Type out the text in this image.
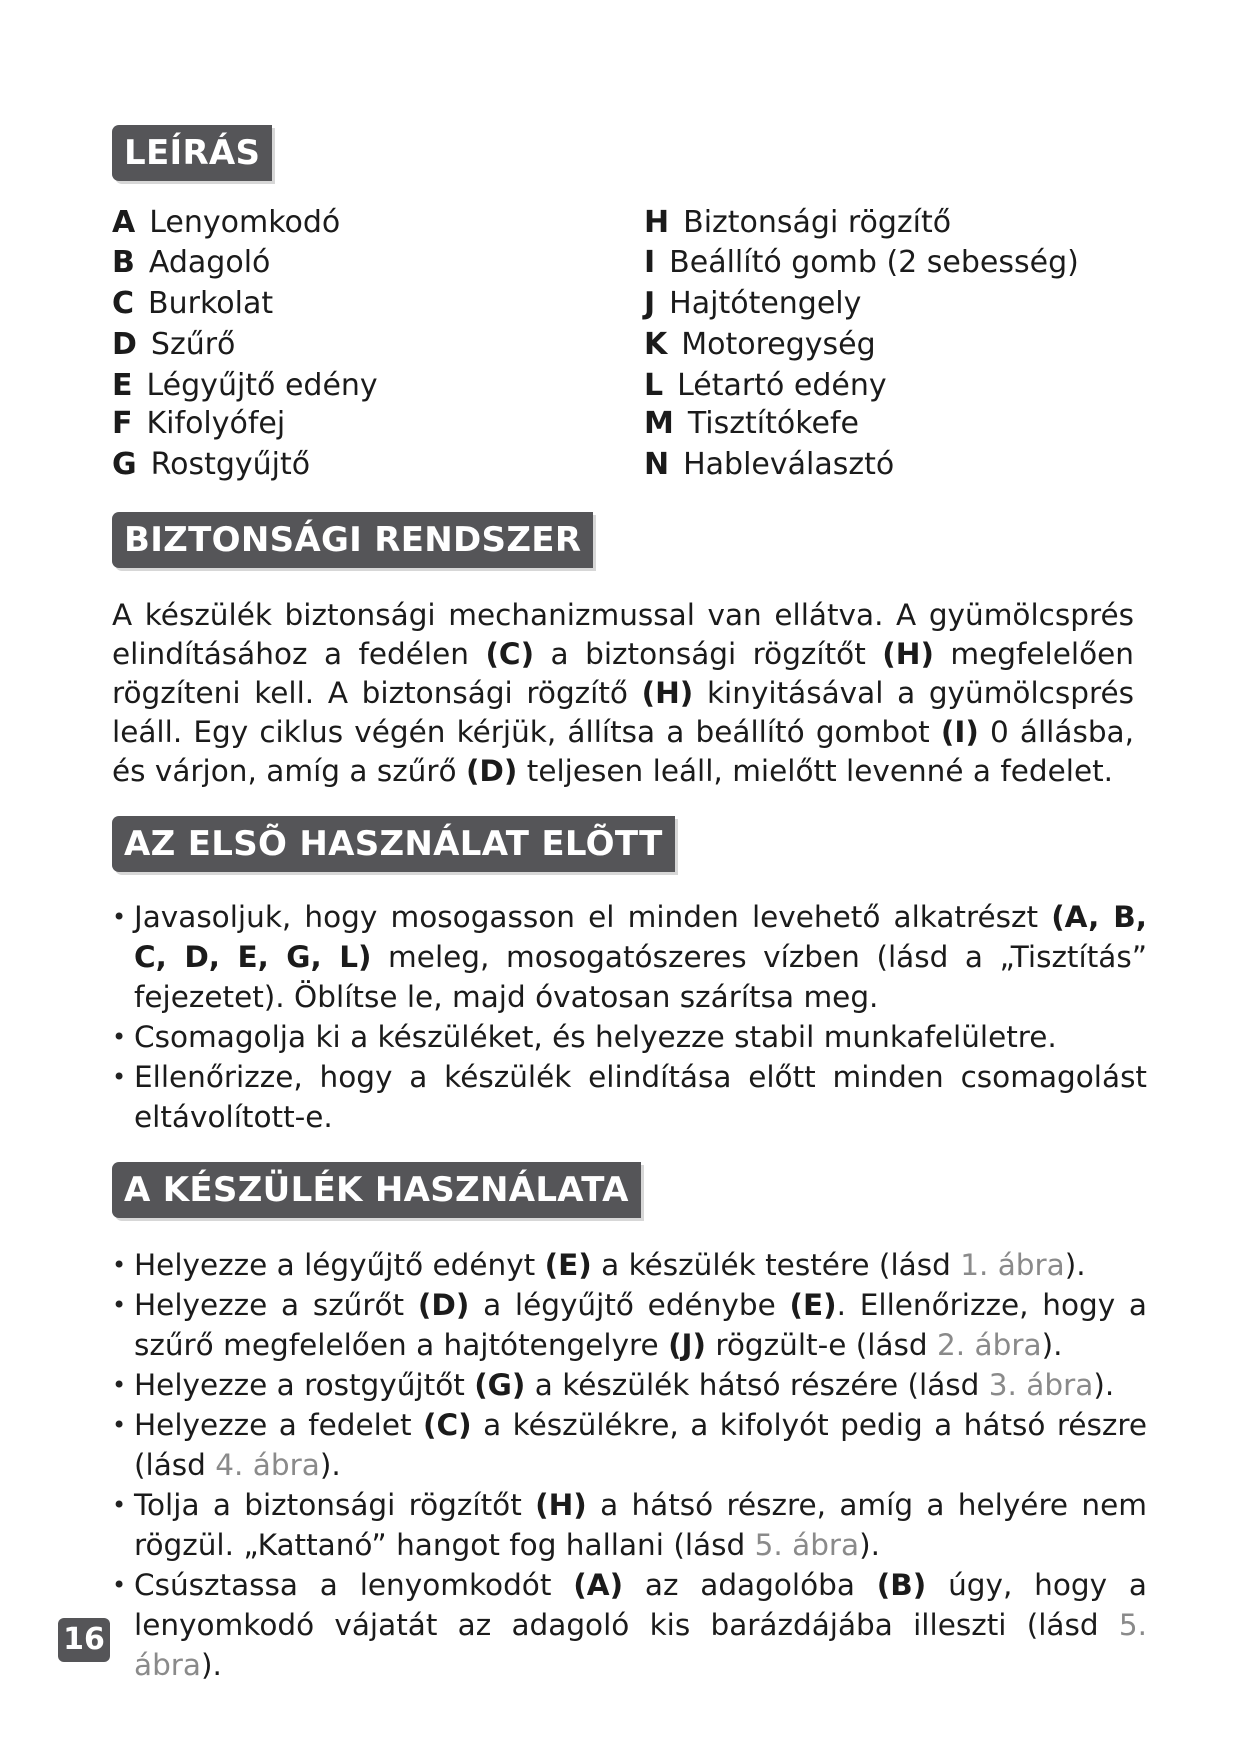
LEÍRÁS
A Lenyomkodó
B Adagoló
C Burkolat
D Szűrő
E Légyűjtő edény
F Kifolyófej
G Rostgyűjtő
H Biztonsági rögzítő
I Beállító gomb (2 sebesség)
J Hajtótengely
K Motoregység
L Létartó edény
M Tisztítókefe
N Hableválasztó
BIZTONSÁGI RENDSZER

A készülék biztonsági mechanizmussal van ellátva. A gyümölcsprés elindításához a fedélen (C) a biztonsági rögzítőt (H) megfelelően rögzíteni kell. A biztonsági rögzítő (H) kinyitásával a gyümölcsprés leáll. Egy ciklus végén kérjük, állítsa a beállító gombot (I) 0 állásba, és várjon, amíg a szűrő (D) teljesen leáll, mielőtt levenné a fedelet.

AZ ELSÕ HASZNÁLAT ELÕTT
• Javasoljuk, hogy mosogasson el minden levehető alkatrészt (A, B, C, D, E, G, L) meleg, mosogatószeres vízben (lásd a „Tisztítás” fejezetet). Öblítse le, majd óvatosan szárítsa meg.
• Csomagolja ki a készüléket, és helyezze stabil munkafelületre.
• Ellenőrizze, hogy a készülék elindítása előtt minden csomagolást eltávolított-e.
A KÉSZÜLÉK HASZNÁLATA
• Helyezze a légyűjtő edényt (E) a készülék testére (lásd 1. ábra).
• Helyezze a szűrőt (D) a légyűjtő edénybe (E). Ellenőrizze, hogy a szűrő megfelelően a hajtótengelyre (J) rögzült-e (lásd 2. ábra).
• Helyezze a rostgyűjtőt (G) a készülék hátsó részére (lásd 3. ábra).
• Helyezze a fedelet (C) a készülékre, a kifolyót pedig a hátsó részre (lásd 4. ábra).
• Tolja a biztonsági rögzítőt (H) a hátsó részre, amíg a helyére nem rögzül. „Kattanó” hangot fog hallani (lásd 5. ábra).
• Csúsztassa a lenyomkodót (A) az adagolóba (B) úgy, hogy a lenyomkodó vájatát az adagoló kis barázdájába illeszti (lásd 5. ábra).
16
